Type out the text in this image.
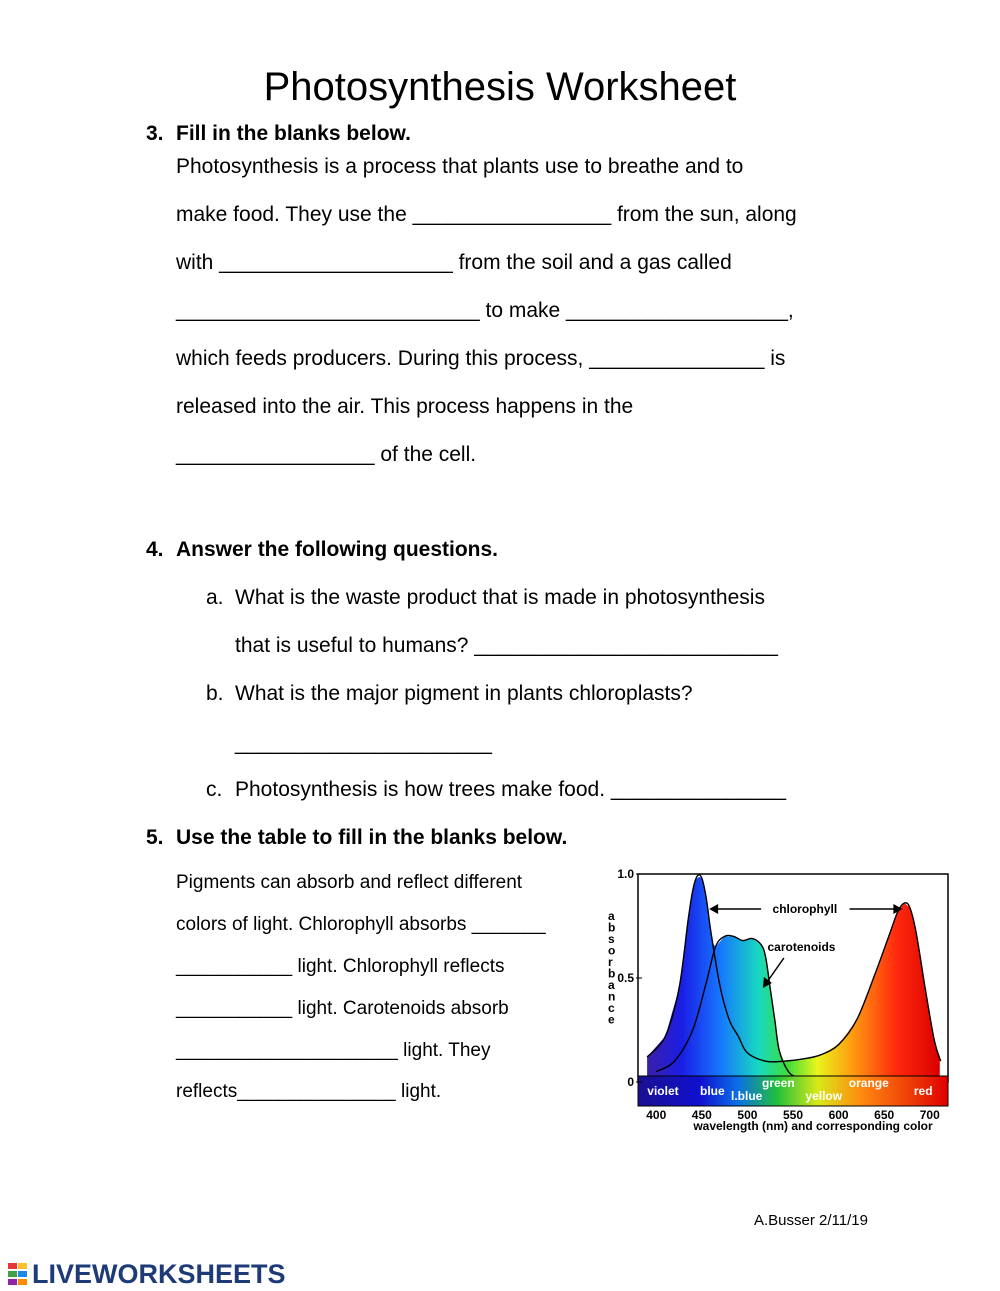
Photosynthesis Worksheet
3. Fill in the blanks below.
Photosynthesis is a process that plants use to breathe and to
make food. They use the _________________ from the sun, along
with ____________________ from the soil and a gas called
__________________________ to make ___________________,
which feeds producers. During this process, _______________ is
released into the air. This process happens in the
_________________ of the cell.
4. Answer the following questions.
a. What is the waste product that is made in photosynthesis
that is useful to humans? __________________________
b. What is the major pigment in plants chloroplasts?
______________________
c. Photosynthesis is how trees make food. _______________
5. Use the table to fill in the blanks below.
Pigments can absorb and reflect different
colors of light. Chlorophyll absorbs _______
___________ light. Chlorophyll reflects
___________ light. Carotenoids absorb
_____________________ light. They
reflects_______________ light.	violet blue l.blue
green
yellow
orange
red
400 450 500 550 600 650 700
wavelength (nm) and corresponding color
1.0
0.5
0
a
b
s
o
r
b
a
n
c
e
chlorophyll
carotenoids
A.Busser 2/11/19
LIVEWORKSHEETS
